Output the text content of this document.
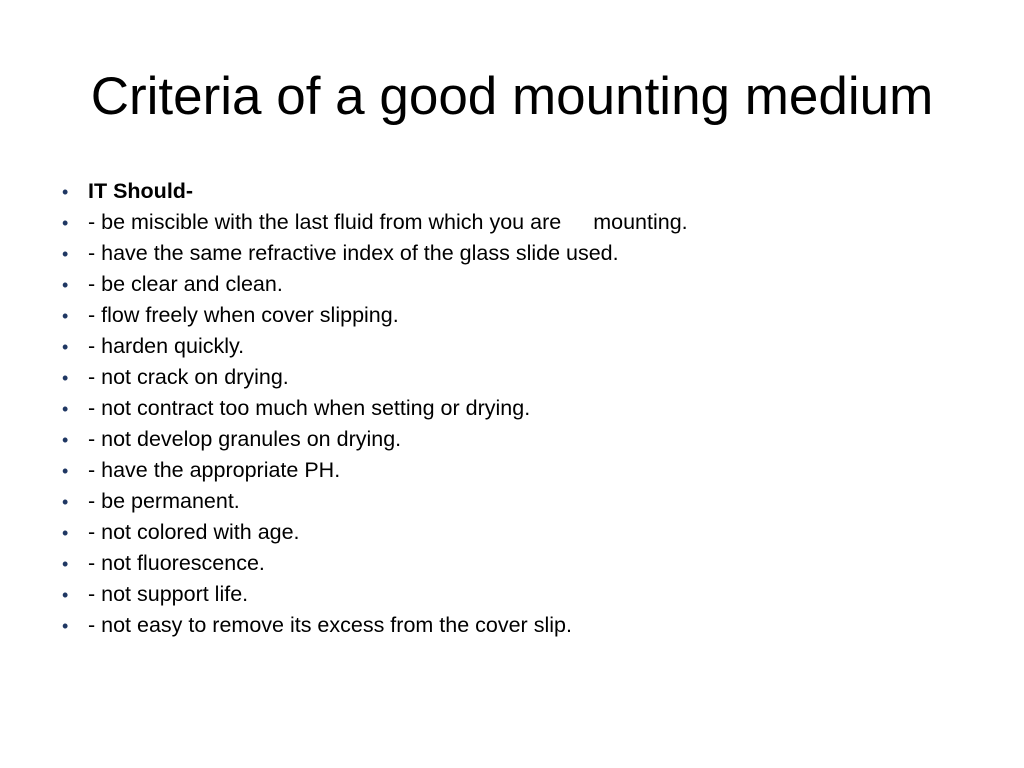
Criteria of a good mounting medium
• IT Should-
• - be miscible with the last fluid from which you are mounting.
• - have the same refractive index of the glass slide used.
• - be clear and clean.
• - flow freely when cover slipping.
• - harden quickly.
• - not crack on drying.
• - not contract too much when setting or drying.
• - not develop granules on drying.
• - have the appropriate PH.
• - be permanent.
• - not colored with age.
• - not fluorescence.
• - not support life.
• - not easy to remove its excess from the cover slip.
